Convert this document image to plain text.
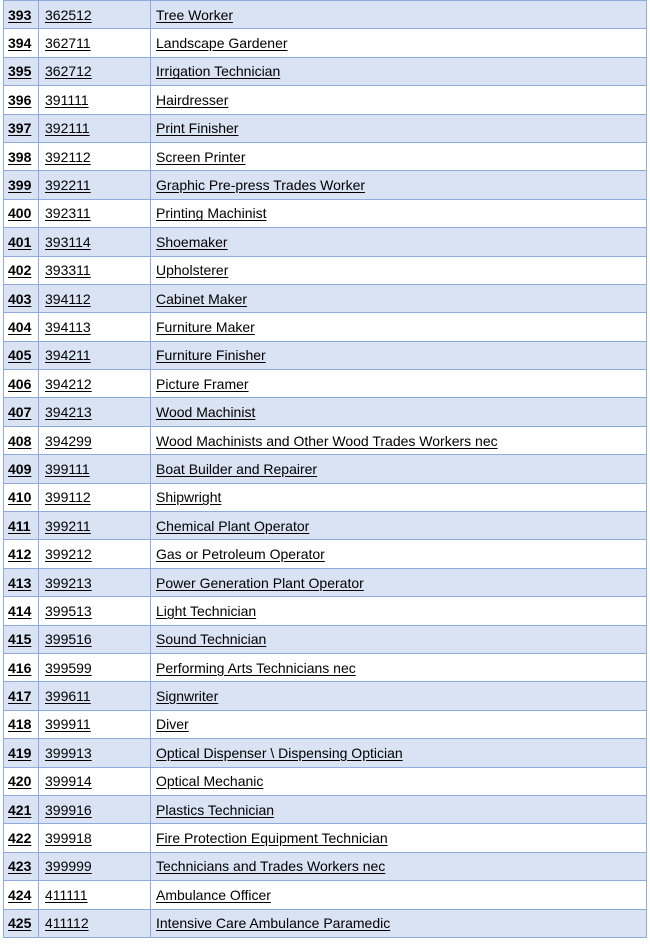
393	362512	Tree Worker
394	362711	Landscape Gardener
395	362712	Irrigation Technician
396	391111	Hairdresser
397	392111	Print Finisher
398	392112	Screen Printer
399	392211	Graphic Pre-press Trades Worker
400	392311	Printing Machinist
401	393114	Shoemaker
402	393311	Upholsterer
403	394112	Cabinet Maker
404	394113	Furniture Maker
405	394211	Furniture Finisher
406	394212	Picture Framer
407	394213	Wood Machinist
408	394299	Wood Machinists and Other Wood Trades Workers nec
409	399111	Boat Builder and Repairer
410	399112	Shipwright
411	399211	Chemical Plant Operator
412	399212	Gas or Petroleum Operator
413	399213	Power Generation Plant Operator
414	399513	Light Technician
415	399516	Sound Technician
416	399599	Performing Arts Technicians nec
417	399611	Signwriter
418	399911	Diver
419	399913	Optical Dispenser \ Dispensing Optician
420	399914	Optical Mechanic
421	399916	Plastics Technician
422	399918	Fire Protection Equipment Technician
423	399999	Technicians and Trades Workers nec
424	411111	Ambulance Officer
425	411112	Intensive Care Ambulance Paramedic
